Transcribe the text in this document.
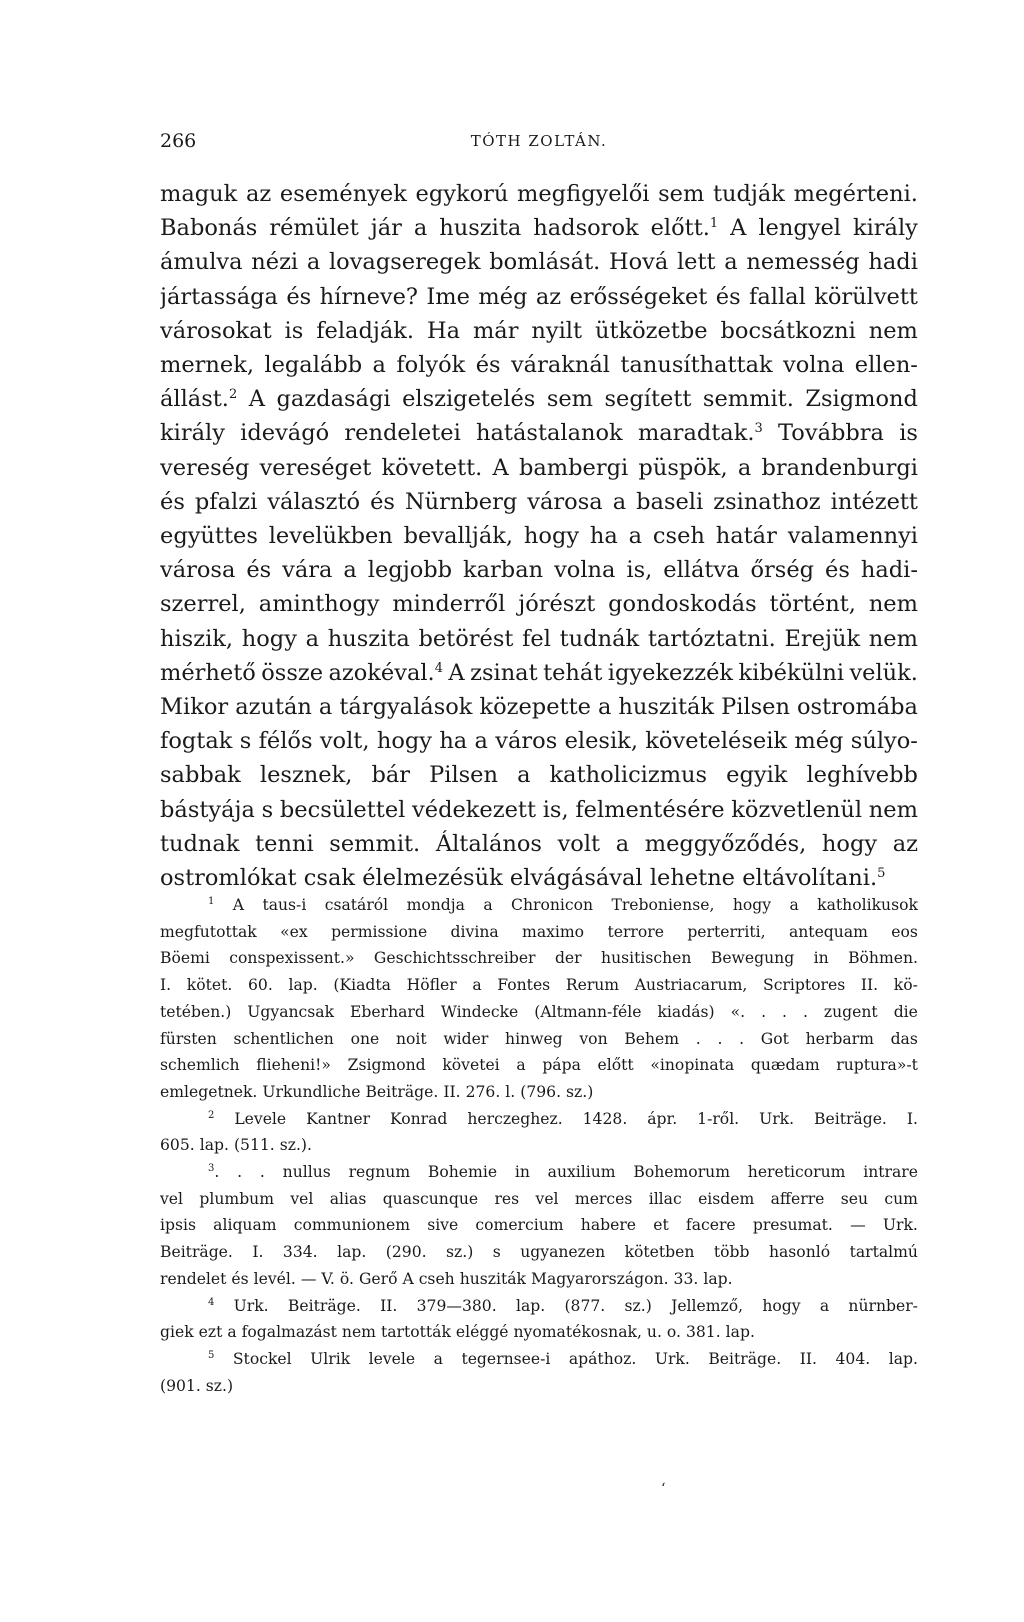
266	TÓTH ZOLTÁN.
maguk az események egykorú megfigyelői sem tudják megérteni.
Babonás rémület jár a huszita hadsorok előtt.$^1$ A lengyel király
ámulva nézi a lovagseregek bomlását. Hová lett a nemesség hadi
jártassága és hírneve? Ime még az erősségeket és fallal körülvett
városokat is feladják. Ha már nyilt ütközetbe bocsátkozni nem
mernek, legalább a folyók és váraknál tanusíthattak volna ellen-
állást.$^2$ A gazdasági elszigetelés sem segített semmit. Zsigmond
király idevágó rendeletei hatástalanok maradtak.$^3$ Továbbra is
vereség vereséget követett. A bambergi püspök, a brandenburgi
és pfalzi választó és Nürnberg városa a baseli zsinathoz intézett
együttes levelükben bevallják, hogy ha a cseh határ valamennyi
városa és vára a legjobb karban volna is, ellátva őrség és hadi-
szerrel, aminthogy minderről jórészt gondoskodás történt, nem
hiszik, hogy a huszita betörést fel tudnák tartóztatni. Erejük nem
mérhető össze azokéval.$^4$ A zsinat tehát igyekezzék kibékülni velük.
Mikor azután a tárgyalások közepette a husziták Pilsen ostromába
fogtak s félős volt, hogy ha a város elesik, követeléseik még súlyo-
sabbak lesznek, bár Pilsen a katholicizmus egyik leghívebb
bástyája s becsülettel védekezett is, felmentésére közvetlenül nem
tudnak tenni semmit. Általános volt a meggyőződés, hogy az
ostromlókat csak élelmezésük elvágásával lehetne eltávolítani.$^5$
$^1$ A taus-i csatáról mondja a Chronicon Treboniense, hogy a katholikusok
megfutottak «ex permissione divina maximo terrore perterriti, antequam eos
Böemi conspexissent.» Geschichtsschreiber der husitischen Bewegung in Böhmen.
I. kötet. 60. lap. (Kiadta Höfler a Fontes Rerum Austriacarum, Scriptores II. kö-
tetében.) Ugyancsak Eberhard Windecke (Altmann-féle kiadás) «. . . . zugent die
fürsten schentlichen one noit wider hinweg von Behem . . . Got herbarm das
schemlich flieheni!» Zsigmond követei a pápa előtt «inopinata quædam ruptura»-t
emlegetnek. Urkundliche Beiträge. II. 276. l. (796. sz.)
$^2$ Levele Kantner Konrad herczeghez. 1428. ápr. 1-ről. Urk. Beiträge. I.
605. lap. (511. sz.).
$^3$. . . nullus regnum Bohemie in auxilium Bohemorum hereticorum intrare
vel plumbum vel alias quascunque res vel merces illac eisdem afferre seu cum
ipsis aliquam communionem sive comercium habere et facere presumat. — Urk.
Beiträge. I. 334. lap. (290. sz.) s ugyanezen kötetben több hasonló tartalmú
rendelet és levél. — V. ö. Gerő A cseh husziták Magyarországon. 33. lap.
$^4$ Urk. Beiträge. II. 379—380. lap. (877. sz.) Jellemző, hogy a nürnber-
giek ezt a fogalmazást nem tartották eléggé nyomatékosnak, u. o. 381. lap.
$^5$ Stockel Ulrik levele a tegernsee-i apáthoz. Urk. Beiträge. II. 404. lap.
(901. sz.)
ʻ
